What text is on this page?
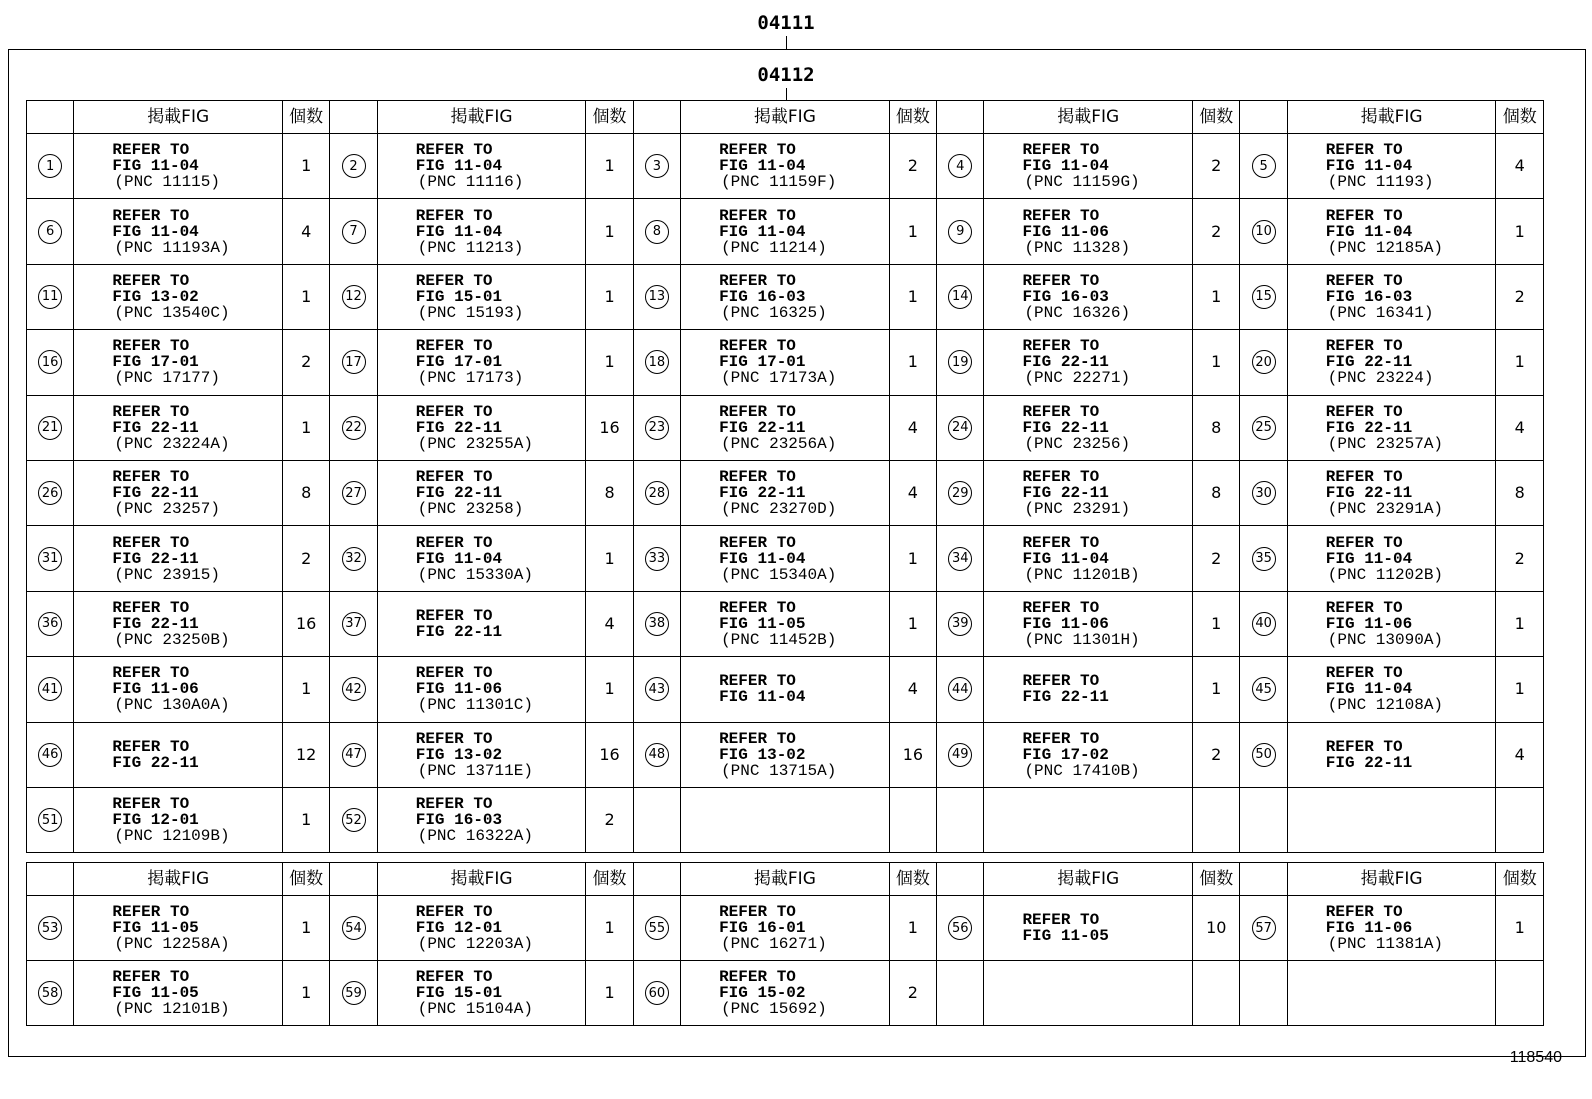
04111
04112
	掲載FIG	個数		掲載FIG	個数		掲載FIG	個数		掲載FIG	個数		掲載FIG	個数
1	REFER TO
FIG 11-04
(PNC 11115)	1	2	REFER TO
FIG 11-04
(PNC 11116)	1	3	REFER TO
FIG 11-04
(PNC 11159F)	2	4	REFER TO
FIG 11-04
(PNC 11159G)	2	5	REFER TO
FIG 11-04
(PNC 11193)	4
6	REFER TO
FIG 11-04
(PNC 11193A)	4	7	REFER TO
FIG 11-04
(PNC 11213)	1	8	REFER TO
FIG 11-04
(PNC 11214)	1	9	REFER TO
FIG 11-06
(PNC 11328)	2	10	REFER TO
FIG 11-04
(PNC 12185A)	1
11	REFER TO
FIG 13-02
(PNC 13540C)	1	12	REFER TO
FIG 15-01
(PNC 15193)	1	13	REFER TO
FIG 16-03
(PNC 16325)	1	14	REFER TO
FIG 16-03
(PNC 16326)	1	15	REFER TO
FIG 16-03
(PNC 16341)	2
16	REFER TO
FIG 17-01
(PNC 17177)	2	17	REFER TO
FIG 17-01
(PNC 17173)	1	18	REFER TO
FIG 17-01
(PNC 17173A)	1	19	REFER TO
FIG 22-11
(PNC 22271)	1	20	REFER TO
FIG 22-11
(PNC 23224)	1
21	REFER TO
FIG 22-11
(PNC 23224A)	1	22	REFER TO
FIG 22-11
(PNC 23255A)	16	23	REFER TO
FIG 22-11
(PNC 23256A)	4	24	REFER TO
FIG 22-11
(PNC 23256)	8	25	REFER TO
FIG 22-11
(PNC 23257A)	4
26	REFER TO
FIG 22-11
(PNC 23257)	8	27	REFER TO
FIG 22-11
(PNC 23258)	8	28	REFER TO
FIG 22-11
(PNC 23270D)	4	29	REFER TO
FIG 22-11
(PNC 23291)	8	30	REFER TO
FIG 22-11
(PNC 23291A)	8
31	REFER TO
FIG 22-11
(PNC 23915)	2	32	REFER TO
FIG 11-04
(PNC 15330A)	1	33	REFER TO
FIG 11-04
(PNC 15340A)	1	34	REFER TO
FIG 11-04
(PNC 11201B)	2	35	REFER TO
FIG 11-04
(PNC 11202B)	2
36	REFER TO
FIG 22-11
(PNC 23250B)	16	37	REFER TO
FIG 22-11	4	38	REFER TO
FIG 11-05
(PNC 11452B)	1	39	REFER TO
FIG 11-06
(PNC 11301H)	1	40	REFER TO
FIG 11-06
(PNC 13090A)	1
41	REFER TO
FIG 11-06
(PNC 130A0A)	1	42	REFER TO
FIG 11-06
(PNC 11301C)	1	43	REFER TO
FIG 11-04	4	44	REFER TO
FIG 22-11	1	45	REFER TO
FIG 11-04
(PNC 12108A)	1
46	REFER TO
FIG 22-11	12	47	REFER TO
FIG 13-02
(PNC 13711E)	16	48	REFER TO
FIG 13-02
(PNC 13715A)	16	49	REFER TO
FIG 17-02
(PNC 17410B)	2	50	REFER TO
FIG 22-11	4
51	REFER TO
FIG 12-01
(PNC 12109B)	1	52	REFER TO
FIG 16-03
(PNC 16322A)	2									
	掲載FIG	個数		掲載FIG	個数		掲載FIG	個数		掲載FIG	個数		掲載FIG	個数
53	REFER TO
FIG 11-05
(PNC 12258A)	1	54	REFER TO
FIG 12-01
(PNC 12203A)	1	55	REFER TO
FIG 16-01
(PNC 16271)	1	56	REFER TO
FIG 11-05	10	57	REFER TO
FIG 11-06
(PNC 11381A)	1
58	REFER TO
FIG 11-05
(PNC 12101B)	1	59	REFER TO
FIG 15-01
(PNC 15104A)	1	60	REFER TO
FIG 15-02
(PNC 15692)	2						
118540
